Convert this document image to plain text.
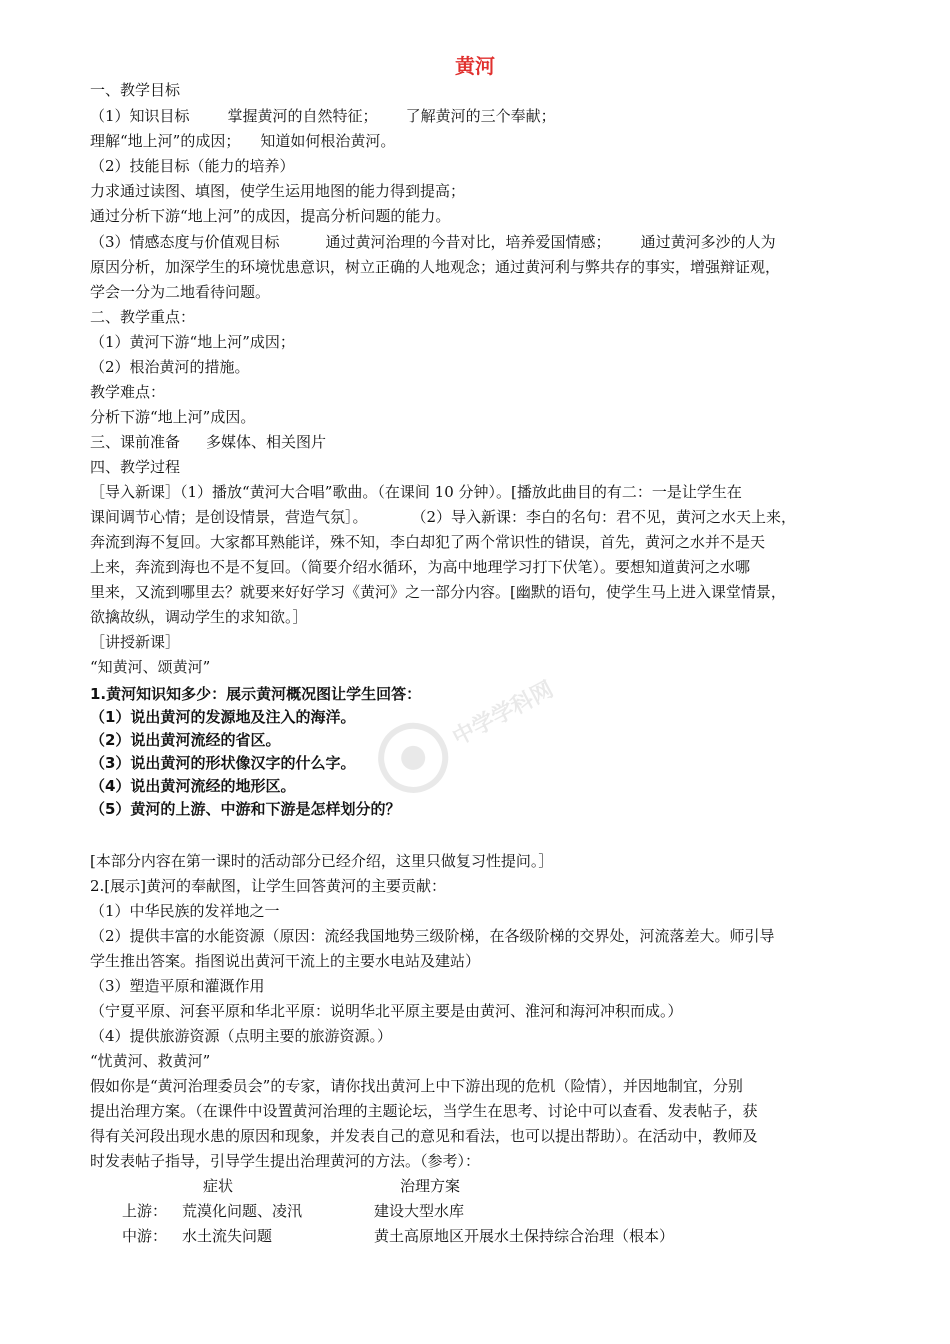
黄河
一、教学目标
（1）知识目标	掌握黄河的自然特征； 了解黄河的三个奉献；
理解“地上河”的成因； 知道如何根治黄河。
（2）技能目标（能力的培养）
力求通过读图、填图，使学生运用地图的能力得到提高；
通过分析下游“地上河”的成因，提高分析问题的能力。
（3）情感态度与价值观目标	通过黄河治理的今昔对比，培养爱国情感； 通过黄河多沙的人为
原因分析，加深学生的环境忧患意识，树立正确的人地观念；通过黄河利与弊共存的事实，增强辩证观，
学会一分为二地看待问题。
二、教学重点：
（1）黄河下游“地上河”成因；
（2）根治黄河的措施。
教学难点：
分析下游“地上河”成因。
三、课前准备 多媒体、相关图片
四、教学过程
［导入新课］（1）播放“黄河大合唱”歌曲。（在课间 10 分钟）。[播放此曲目的有二：一是让学生在
课间调节心情；是创设情景，营造气氛］。	（2）导入新课：李白的名句：君不见，黄河之水天上来，
奔流到海不复回。大家都耳熟能详，殊不知，李白却犯了两个常识性的错误，首先，黄河之水并不是天
上来，奔流到海也不是不复回。（简要介绍水循环，为高中地理学习打下伏笔）。要想知道黄河之水哪
里来，又流到哪里去？就要来好好学习《黄河》之一部分内容。[幽默的语句，使学生马上进入课堂情景，
欲擒故纵，调动学生的求知欲。］
［讲授新课］
“知黄河、颂黄河”
1.黄河知识知多少：展示黄河概况图让学生回答：
（1）说出黄河的发源地及注入的海洋。
（2）说出黄河流经的省区。
（3）说出黄河的形状像汉字的什么字。
（4）说出黄河流经的地形区。
（5）黄河的上游、中游和下游是怎样划分的？
中学学科网
[本部分内容在第一课时的活动部分已经介绍，这里只做复习性提问。］
2.[展示]黄河的奉献图，让学生回答黄河的主要贡献：
（1）中华民族的发祥地之一
（2）提供丰富的水能资源（原因：流经我国地势三级阶梯，在各级阶梯的交界处，河流落差大。师引导
学生推出答案。指图说出黄河干流上的主要水电站及建站）
（3）塑造平原和灌溉作用
（宁夏平原、河套平原和华北平原：说明华北平原主要是由黄河、淮河和海河冲积而成。）
（4）提供旅游资源（点明主要的旅游资源。）
“忧黄河、救黄河”
假如你是“黄河治理委员会”的专家，请你找出黄河上中下游出现的危机（险情），并因地制宜，分别
提出治理方案。（在课件中设置黄河治理的主题论坛，当学生在思考、讨论中可以查看、发表帖子，获
得有关河段出现水患的原因和现象，并发表自己的意见和看法，也可以提出帮助）。在活动中，教师及
时发表帖子指导，引导学生提出治理黄河的方法。（参考）：
症状	治理方案
上游： 荒漠化问题、凌汛	建设大型水库
中游： 水土流失问题	黄土高原地区开展水土保持综合治理（根本）
